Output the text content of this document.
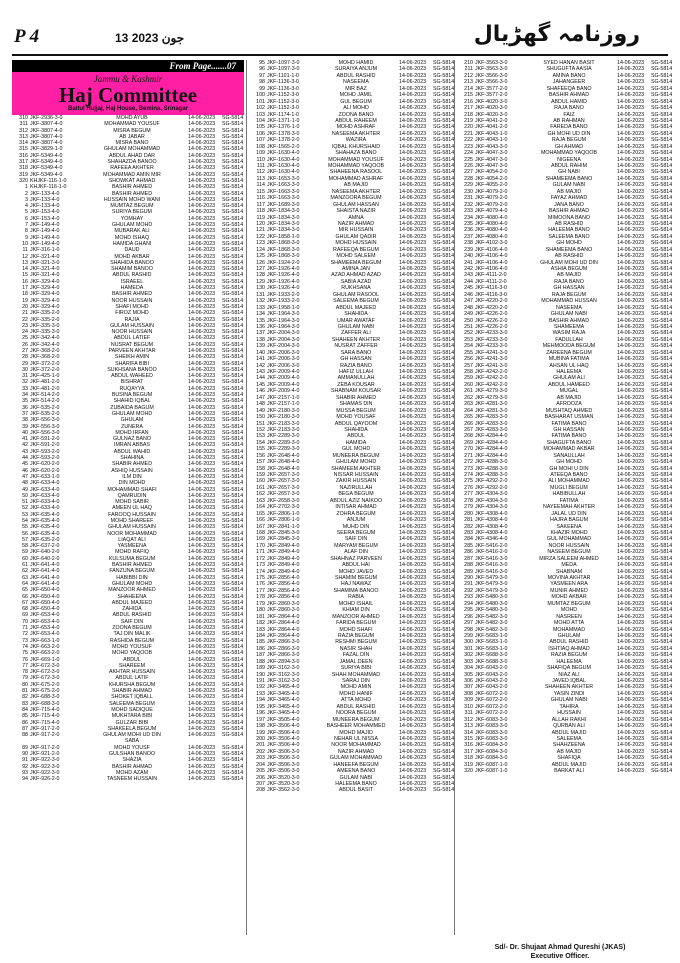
P 4	13 جون 2023	روزنامہ گھڑیال
From Page.......07
Jammu & Kashmir
Haj Committee
Baitul Hujjaj, Haj House, Bemina, Srinagar
310 JKF-2936-3-0	MOHD AYUB	14-06-2023	SG-5814
311 JKF-3807-4-0	MOHAMMAD YOUSUF	14-06-2023	SG-5814
312 JKF-3807-4-0	MISRA BEGUM	14-06-2023	SG-5814
313 JKF-3807-4-0	AB JABAR	14-06-2023	SG-5814
314 JKF-3807-4-0	MISRA BANO	14-06-2023	SG-5814
315 JKF-3829-1-0	GHULAM MOHAMMAD	14-06-2023	SG-5814
316 JKF-5349-4-0	ABDUL AHAD DAR	14-06-2023	SG-5814
317 JKF-5349-4-0	SHAHAZDA BANOO	14-06-2023	SG-5814
318 JKF-5349-4-0	RAFEEA AKHTER	14-06-2023	SG-5814
319 JKF-5349-4-0	MOHAMMAD AMIN MIR	14-06-2023	SG-5814
320 KHJKF-116-1-0	SHOWKAT AHMAD	14-06-2023	SG-5814
1 KHJKF-116-1-0	BASHIR AHMED	14-06-2023	SG-5814
2 JKF-133-4-0	BASHIR AHMED	14-06-2023	SG-5814
3 JKF-133-4-0	HUSSAIN MOHD WANI	14-06-2023	SG-5814
4 JKF-133-4-0	MUMTAZ BEGUM	14-06-2023	SG-5814
5 JKF-153-4-0	SURIYA BEGUM	14-06-2023	SG-5814
6 JKF-153-4-0	YOMHAY	14-06-2023	SG-5814
7 JKF-149-4-0	GHULAM MOHD	14-06-2023	SG-5814
8 JKF-149-4-0	MUBARAK ALI	14-06-2023	SG-5814
9 JKF-149-4-0	MOHD ISHAQ	14-06-2023	SG-5814
10 JKF-149-4-0	HAMIDA GHANI	14-06-2023	SG-5814
11 JKF-316-1-0	DAUD	14-06-2023	SG-5814
12 JKF-321-4-0	MOHD AKBAR	14-06-2023	SG-5814
13 JKF-321-3-0	SHAHIDA BANOO	14-06-2023	SG-5814
14 JKF-321-4-0	SHAMIM BANOO	14-06-2023	SG-5814
15 JKF-321-4-0	ABDUL RASHID	14-06-2023	SG-5814
16 JKF-329-4-0	ISRAEEL	14-06-2023	SG-5814
17 JKF-329-4-0	HAMEDA	14-06-2023	SG-5814
18 JKF-329-4-0	BASHIR AHMED	14-06-2023	SG-5814
19 JKF-329-4-0	NOOR HUSSAIN	14-06-2023	SG-5814
20 JKF-329-4-0	SHAFI MOHD	14-06-2023	SG-5814
21 JKF-335-2-0	FIROZ MOHD	14-06-2023	SG-5814
22 JKF-335-2-0	RAJIA	14-06-2023	SG-5814
23 JKF-335-3-0	GULAM HUSSAIN	14-06-2023	SG-5814
24 JKF-335-3-0	NOOR HUSSAIN	14-06-2023	SG-5814
25 JKF-342-4-0	ABDUL LATIEF	14-06-2023	SG-5814
26 JKF-342-4-0	NUSRAT BEGUM	14-06-2023	SG-5814
27 JKF-368-2-0	PARVEEN AKHTAR	14-06-2023	SG-5814
28 JKF-368-2-0	SHEIKH AMIN	14-06-2023	SG-5814
29 JKF-372-2-0	SHARIFA BIBI	14-06-2023	SG-5814
30 JKF-372-2-0	SUKHSANA BANOO	14-06-2023	SG-5814
31 JKF-425-1-0	ABDUL WAHEED	14-06-2023	SG-5814
32 JKF-481-2-0	BISHRAT	14-06-2023	SG-5814
33 JKF-481-2-0	RUQAYYA	14-06-2023	SG-5814
34 JKF-514-2-0	BUSINA BEGUM	14-06-2023	SG-5814
35 JKF-514-2-0	SHAHID IQBAL	14-06-2023	SG-5814
36 JKF-535-2-0	ZUBAIDA BAGUM	14-06-2023	SG-5814
37 JKF-535-2-0	GHULAM MOHD	14-06-2023	SG-5814
38 JKF-556-3-0	GHULAM	14-06-2023	SG-5814
39 JKF-556-3-0	ZUNERA	14-06-2023	SG-5814
40 JKF-556-3-0	MOHD IRFAN	14-06-2023	SG-5814
41 JKF-591-2-0	GULNAZ BANO	14-06-2023	SG-5814
42 JKF-591-2-0	IMRAN ABBAS	14-06-2023	SG-5814
43 JKF-593-2-0	ABDUL WAHID	14-06-2023	SG-5814
44 JKF-593-2-0	SHAHINA	14-06-2023	SG-5814
45 JKF-620-2-0	SHABIR AHMED	14-06-2023	SG-5814
46 JKF-620-2-0	ASHIQ HUSSAIN	14-06-2023	SG-5814
47 JKF-633-1-0	ILM DIN	14-06-2023	SG-5814
48 JKF-633-4-0	DIN MOHD	14-06-2023	SG-5814
49 JKF-633-4-0	MOHAMMAD SHAFI	14-06-2023	SG-5814
50 JKF-633-4-0	QAMRUDIN	14-06-2023	SG-5814
51 JKF-633-4-0	MOHD SABIR	14-06-2023	SG-5814
52 JKF-633-4-0	AMEEN UL HAQ	14-06-2023	SG-5814
53 JKF-635-4-0	FAROOQ HUSSAIN	14-06-2023	SG-5814
54 JKF-635-4-0	MOHD SHAREEF	14-06-2023	SG-5814
55 JKF-635-4-0	GHULAM HUSSAIN	14-06-2023	SG-5814
56 JKF-635-4-0	NOOR MOHAMMAD	14-06-2023	SG-5814
57 JKF-635-2-0	LIAQAT ALI	14-06-2023	SG-5814
58 JKF-637-2-0	YASMEENA	14-06-2023	SG-5814
59 JKF-640-2-0	MOHD RAFIQ	14-06-2023	SG-5814
60 JKF-640-2-0	KULSUMA BEGUM	14-06-2023	SG-5814
61 JKF-641-4-0	BASHIR AHMED	14-06-2023	SG-5814
62 JKF-641-4-0	FANZUNA BEGUM	14-06-2023	SG-5814
63 JKF-641-4-0	HABIBBI DIN	14-06-2023	SG-5814
64 JKF-641-4-0	GHULAM MOHD	14-06-2023	SG-5814
65 JKF-650-4-0	MANZOOR AHMED	14-06-2023	SG-5814
66 JKF-650-4-0	SHAHEENA	14-06-2023	SG-5814
67 JKF-650-4-0	ABDUL MAJEED	14-06-2023	SG-5814
68 JKF-650-4-0	ZAHIDA	14-06-2023	SG-5814
69 JKF-653-4-0	ABDUL RASHID	14-06-2023	SG-5814
70 JKF-653-4-0	SAIF DIN	14-06-2023	SG-5814
71 JKF-653-4-0	ZOONA BEGUM	14-06-2023	SG-5814
72 JKF-653-4-0	TAJ DIN MALIK	14-06-2023	SG-5814
73 JKF-663-1-0	RASHIDA BEGUM	14-06-2023	SG-5814
74 JKF-663-2-0	MOHD YOUSUF	14-06-2023	SG-5814
75 JKF-663-2-0	MOHD YAQOOB	14-06-2023	SG-5814
76 JKF-669-1-0	ABDUL	14-06-2023	SG-5814
77 JKF-672-3-0	SHAREEM	14-06-2023	SG-5814
78 JKF-672-3-0	AKHTAR HUSSAIN	14-06-2023	SG-5814
79 JKF-672-3-0	ABDUL LATIF	14-06-2023	SG-5814
80 JKF-675-2-0	KHURSHA BEGUM	14-06-2023	SG-5814
81 JKF-675-2-0	SHABIR AHMAD	14-06-2023	SG-5814
82 JKF-688-3-0	SHOKET IQBALL	14-06-2023	SG-5814
83 JKF-688-3-0	SALEEMA BEGUM	14-06-2023	SG-5814
84 JKF-715-4-0	MOHD SADIQUE	14-06-2023	SG-5814
85 JKF-715-4-0	MUKHTARA BIBI	14-06-2023	SG-5814
86 JKF-715-4-0	GULZAR BIBI	14-06-2023	SG-5814
87 JKF-917-2-0	SHAKEELA BEGUM	14-06-2023	SG-5814
88 JKF-917-2-0	GHULAM MOHI UD DIN	14-06-2023	SG-5814
SABA
89 JKF-917-2-0	MOHD YOUSF	14-06-2023	SG-5814
90 JKF-921-2-0	GULSHAN BANOO	14-06-2023	SG-5814
91 JKF-922-3-0	SHAZIA	14-06-2023	SG-5814
92 JKF-922-3-0	BASHIR AHMAD	14-06-2023	SG-5814
93 JKF-922-3-0	MOHD AZAM	14-06-2023	SG-5814
94 JKF-926-2-0	TASNEEM HUSSAIN	14-06-2023	SG-5814
95 JKF-1097-3-0	MOHD HAMID	14-06-2023	SG-5814
96 JKF-1097-3-0	SURAIYA ANJUM	14-06-2023	SG-5814
97 JKF-1101-1-0	ABDUL RASHID	14-06-2023	SG-5814
98 JKF-1136-3-0	NASEEMA	14-06-2023	SG-5814
99 JKF-1136-3-0	MIR BAZ	14-06-2023	SG-5814
100 JKF-1152-3-0	MOHD JAMIL	14-06-2023	SG-5814
101 JKF-1152-3-0	GUL BEGUM	14-06-2023	SG-5814
102 JKF-1152-3-0	ALI MOHD	14-06-2023	SG-5814
103 JKF-1174-1-0	ZOONA BANO	14-06-2023	SG-5814
104 JKF-1371-1-0	ABDUL RAHEEM	14-06-2023	SG-5814
105 JKF-1376-1-0	MOHD ASHRAF	14-06-2023	SG-5814
106 JKF-1378-3-0	NASEEMA AKHTER	14-06-2023	SG-5814
107 JKF-1378-2-0	WAZIRA	14-06-2023	SG-5814
108 JKF-1565-2-0	IQBAL KHURSHAID	14-06-2023	SG-5814
109 JKF-1630-4-0	SHAHAZA BANO	14-06-2023	SG-5814
110 JKF-1630-4-0	MOHAMMAD YOUSUF	14-06-2023	SG-5814
111 JKF-1630-4-0	MOHAMMAD YAQOOB	14-06-2023	SG-5814
112 JKF-1630-4-0	SHAHEENA RASOOL	14-06-2023	SG-5814
113 JKF-1653-3-0	MOHAMMAD ASHRAF	14-06-2023	SG-5814
114 JKF-1663-3-0	AB MAJID	14-06-2023	SG-5814
115 JKF-1663-3-0	NASEEMA AKHTER	14-06-2023	SG-5814
116 JKF-1663-3-0	MANZOORA BEGUM	14-06-2023	SG-5814
117 JKF-1689-3-0	GHULAM HASSAN	14-06-2023	SG-5814
118 JKF-1834-3-0	SHAISTA NAZIR	14-06-2023	SG-5814
119 JKF-1834-3-0	AMNA	14-06-2023	SG-5814
120 JKF-1834-3-0	NAZIR AHMAD	14-06-2023	SG-5814
121 JKF-1834-3-0	MIR HUSSAIN	14-06-2023	SG-5814
122 JKF-1858-1-0	GHULAM QADIR	14-06-2023	SG-5814
123 JKF-1868-3-0	MOHD HUSSAIN	14-06-2023	SG-5814
124 JKF-1868-3-0	RAFEEQA BEGUM	14-06-2023	SG-5814
125 JKF-1868-3-0	MOHD SALEEM	14-06-2023	SG-5814
126 JKF-1924-2-0	SHAMEEMA BEGUM	14-06-2023	SG-5814
127 JKF-1926-4-0	AMINA JAN	14-06-2023	SG-5814
128 JKF-1926-4-0	AZAD AHMAD AZAD	14-06-2023	SG-5814
129 JKF-1926-4-0	SABIA AZAD	14-06-2023	SG-5814
130 JKF-1926-4-0	RUKHSANA	14-06-2023	SG-5814
131 JKF-1933-2-0	GHULAM RASOOL	14-06-2023	SG-5814
132 JKF-1933-2-0	SALEEMA BEGUM	14-06-2023	SG-5814
133 JKF-1958-1-0	ABDUL MAJEED	14-06-2023	SG-5814
134 JKF-1964-3-0	SHAHIDA	14-06-2023	SG-5814
135 JKF-1964-3-0	UMAR AWATAF	14-06-2023	SG-5814
136 JKF-1964-3-0	GHULAM NABI	14-06-2023	SG-5814
137 JKF-2004-3-0	ZAFFER ALI	14-06-2023	SG-5814
138 JKF-2004-3-0	SHAHEEN AKHTER	14-06-2023	SG-5814
139 JKF-2004-3-0	NUSRAT ZAFFER	14-06-2023	SG-5814
140 JKF-2006-3-0	SARA BANO	14-06-2023	SG-5814
141 JKF-2006-3-0	GH HASSAN	14-06-2023	SG-5814
142 JKF-2006-3-0	RAZIA BANO	14-06-2023	SG-5814
143 JKF-2009-4-0	HAFIZ ULLAH	14-06-2023	SG-5814
144 JKF-2009-4-0	AMMANULLAH	14-06-2023	SG-5814
145 JKF-2009-4-0	ZEBA KOUSAR	14-06-2023	SG-5814
146 JKF-2009-4-0	SHABNAM KOUSAR	14-06-2023	SG-5814
147 JKF-2157-1-0	SHABIR AHMED	14-06-2023	SG-5814
148 JKF-2157-1-0	SHAMAS DIN	14-06-2023	SG-5814
149 JKF-2180-3-0	MUSSA BEGUM	14-06-2023	SG-5814
150 JKF-2180-3-0	MOHD YOUSAF	14-06-2023	SG-5814
151 JKF-2183-3-0	ABDUL QAYOOM	14-06-2023	SG-5814
152 JKF-2183-3-0	SHAHIDA	14-06-2023	SG-5814
153 JKF-2289-3-0	ABDUL	14-06-2023	SG-5814
154 JKF-2289-3-0	HAMIDA	14-06-2023	SG-5814
155 JKF-2289-3-0	GUL MOHD	14-06-2023	SG-5814
156 JKF-2648-4-0	MUNEERA BEGUM	14-06-2023	SG-5814
157 JKF-2648-4-0	GHULAM MOHD	14-06-2023	SG-5814
158 JKF-2648-4-0	SHAMEEM AKHTER	14-06-2023	SG-5814
159 JKF-2657-3-0	NISSAR HUSSAIN	14-06-2023	SG-5814
160 JKF-2657-3-0	ZAKIR HUSSAIN	14-06-2023	SG-5814
161 JKF-2657-3-0	NAZIRULLAH	14-06-2023	SG-5814
162 JKF-2657-3-0	BEGA BEGUM	14-06-2023	SG-5814
163 JKF-2658-3-0	ABDUL AZIZ NAIKOO	14-06-2023	SG-5814
164 JKF-2702-3-0	INTISAR AHMAD	14-06-2023	SG-5814
165 JKF-2806-1-0	ZOHRA BEGUM	14-06-2023	SG-5814
166 JKF-2806-1-0	ANJUM	14-06-2023	SG-5814
167 JKF-2841-1-0	MUHD DIN	14-06-2023	SG-5814
168 JKF-2845-3-0	SEERA BEGUM	14-06-2023	SG-5814
169 JKF-2845-3-0	SAIF DIN	14-06-2023	SG-5814
170 JKF-2849-4-0	MARYAM BEGUM	14-06-2023	SG-5814
171 JKF-2849-4-0	ALAF DIN	14-06-2023	SG-5814
172 JKF-2849-4-0	SHAHNAZ PARVEEN	14-06-2023	SG-5814
173 JKF-2849-4-0	ABDUL HAI	14-06-2023	SG-5814
174 JKF-2849-4-0	MOHD JAVED	14-06-2023	SG-5814
175 JKF-2856-4-0	SHAMIM BEGUM	14-06-2023	SG-5814
176 JKF-2856-4-0	HAJ NAWAZ	14-06-2023	SG-5814
177 JKF-2856-4-0	SHAMIMA BANOO	14-06-2023	SG-5814
178 JKF-2856-4-0	RABIA	14-06-2023	SG-5814
179 JKF-2860-3-0	MOHD ISHAIL	14-06-2023	SG-5814
180 JKF-2860-3-0	KHIAM DIN	14-06-2023	SG-5814
181 JKF-2864-4-0	MANZOOR AHMED	14-06-2023	SG-5814
182 JKF-2864-4-0	FARIDA BEGUM	14-06-2023	SG-5814
183 JKF-2864-4-0	MOHD SHAFI	14-06-2023	SG-5814
184 JKF-2864-4-0	RAZIA BEGUM	14-06-2023	SG-5814
185 JKF-2866-3-0	RESHMI BEGUM	14-06-2023	SG-5814
186 JKF-2866-3-0	NASIR SHAH	14-06-2023	SG-5814
187 JKF-2866-3-0	FAZAL DIN	14-06-2023	SG-5814
188 JKF-2894-3-0	JAMAL DEEN	14-06-2023	SG-5814
189 JKF-3162-3-0	SURIYA BIBI	14-06-2023	SG-5814
190 JKF-3162-3-0	SHAH MOHAMMAD	14-06-2023	SG-5814
191 JKF-3162-3-0	SARAJ DIN	14-06-2023	SG-5814
192 JKF-3465-4-0	MOHD AMIN	14-06-2023	SG-5814
193 JKF-3465-4-0	MOHD HANIF	14-06-2023	SG-5814
194 JKF-3465-4-0	ATTA MOHD	14-06-2023	SG-5814
195 JKF-3465-4-0	ABDUL RASHID	14-06-2023	SG-5814
196 JKF-3465-4-0	NOORA BEGUM	14-06-2023	SG-5814
197 JKF-3505-4-0	MUNEERA BEGUM	14-06-2023	SG-5814
198 JKF-3506-4-0	BASHEER MOHAMMED	14-06-2023	SG-5814
199 JKF-3506-4-0	MOHD MAJID	14-06-2023	SG-5814
200 JKF-3506-4-0	NEHAR UL NISSA	14-06-2023	SG-5814
201 JKF-3506-4-0	NOOR MOHAMMAD	14-06-2023	SG-5814
202 JKF-3506-3-0	NAZIR AHMAD	14-06-2023	SG-5814
203 JKF-3506-3-0	GULAM MOHAMMAD	14-06-2023	SG-5814
204 JKF-3506-3-0	HANEEFA BEGUM	14-06-2023	SG-5814
205 JKF-3506-3-0	AMEENA BANO	14-06-2023	SG-5814
206 JKF-3520-3-0	GULAM NABI	14-06-2023	SG-5814
207 JKF-3520-3-0	HALEEMA BANO	14-06-2023	SG-5814
208 JKF-3562-3-0	ABDUL BASIT	14-06-2023	SG-5814
210 JKF-3563-3-0	SYED HANAN BASIT	14-06-2023	SG-5814
211 JKF-3563-3-0	SHUGUFTA AASIA	14-06-2023	SG-5814
212 JKF-3566-3-0	AMINA BANO	14-06-2023	SG-5814
213 JKF-3566-3-0	JAHANGEER	14-06-2023	SG-5814
214 JKF-3577-2-0	SHAFEEQA BANO	14-06-2023	SG-5814
215 JKF-3577-2-0	BASHIR AHMAD	14-06-2023	SG-5814
216 JKF-4020-3-0	ABDUL HAMID	14-06-2023	SG-5814
217 JKF-4020-3-0	RAJA BANO	14-06-2023	SG-5814
218 JKF-4020-3-0	FAIZ	14-06-2023	SG-5814
219 JKF-4041-2-0	AB RAHMAN	14-06-2023	SG-5814
220 JKF-4041-2-0	FAREDA BANO	14-06-2023	SG-5814
221 JKF-4043-1-0	GH MOHI UD DIN	14-06-2023	SG-5814
222 JKF-4043-1-0	RAJA BEGUM	14-06-2023	SG-5814
223 JKF-4043-3-0	GH AHMAD	14-06-2023	SG-5814
224 JKF-4047-3-0	MOHAMMAD YAQOOB	14-06-2023	SG-5814
225 JKF-4047-3-0	NIGEENA	14-06-2023	SG-5814
226 JKF-4047-3-0	ABDUL RAHIM	14-06-2023	SG-5814
227 JKF-4054-2-0	GH NABI	14-06-2023	SG-5814
228 JKF-4054-2-0	SHAMEEMA BANO	14-06-2023	SG-5814
229 JKF-4055-2-0	GULAM NABI	14-06-2023	SG-5814
230 JKF-4079-2-0	AB MAJID	14-06-2023	SG-5814
231 JKF-4079-2-0	FAYAZ AHMAD	14-06-2023	SG-5814
232 JKF-4079-2-0	JANA BANO	14-06-2023	SG-5814
233 JKF-4079-4-0	BASHIR AHMAD	14-06-2023	SG-5814
234 JKF-4080-4-0	MIMOONA BANO	14-06-2023	SG-5814
235 JKF-4080-4-0	AB RASHID	14-06-2023	SG-5814
236 JKF-4080-4-0	HALEEMA BANO	14-06-2023	SG-5814
237 JKF-4080-4-0	SALEEMA BANO	14-06-2023	SG-5814
238 JKF-4102-3-0	GH MOHD	14-06-2023	SG-5814
239 JKF-4106-4-0	SHAMEEMA BANO	14-06-2023	SG-5814
240 JKF-4106-4-0	AB RASHID	14-06-2023	SG-5814
241 JKF-4106-4-0	GHULAM MOHI UD DIN	14-06-2023	SG-5814
242 JKF-4106-4-0	ASHIA BEGUM	14-06-2023	SG-5814
243 JKF-4111-2-0	AB MAJID	14-06-2023	SG-5814
244 JKF-4111-2-0	RAJA BANO	14-06-2023	SG-5814
245 JKF-4116-3-0	GH HASSAN	14-06-2023	SG-5814
246 JKF-4116-3-0	RAJA BEGUM	14-06-2023	SG-5814
247 JKF-4220-2-0	MOHAMMAD HUSSAN	14-06-2023	SG-5814
248 JKF-4220-2-0	NASEEMA	14-06-2023	SG-5814
249 JKF-4226-2-0	GHULAM NABI	14-06-2023	SG-5814
250 JKF-4226-2-0	BASHIR AHMAD	14-06-2023	SG-5814
251 JKF-4226-2-0	SHAMEEMA	14-06-2023	SG-5814
252 JKF-4233-3-0	WASIM RAJA	14-06-2023	SG-5814
253 JKF-4233-3-0	FADULLAH	14-06-2023	SG-5814
254 JKF-4233-3-0	MEHMOODA BEGUM	14-06-2023	SG-5814
255 JKF-4241-3-0	ZAREENA BEGUM	14-06-2023	SG-5814
256 JKF-4241-3-0	MUBINA FATIMA	14-06-2023	SG-5814
257 JKF-4241-3-0	AHSAN UL HAQ	14-06-2023	SG-5814
258 JKF-4242-2-0	HALEEMA	14-06-2023	SG-5814
259 JKF-4242-2-0	GHULAM ALI	14-06-2023	SG-5814
260 JKF-4242-2-0	ABDUL HAMEED	14-06-2023	SG-5814
261 JKF-4279-3-0	MUGAL	14-06-2023	SG-5814
262 JKF-4279-3-0	AB MAJID	14-06-2023	SG-5814
263 JKF-4281-3-0	AFROOZA	14-06-2023	SG-5814
264 JKF-4281-3-0	MUSHTAQ AHMED	14-06-2023	SG-5814
265 JKF-4283-3-0	BASHARAT USMAN	14-06-2023	SG-5814
266 JKF-4283-3-0	FATIMA BANO	14-06-2023	SG-5814
267 JKF-4283-3-0	GH HASSAN	14-06-2023	SG-5814
268 JKF-4284-4-0	FATIMA BANO	14-06-2023	SG-5814
269 JKF-4284-4-0	SHAGUFTA BANO	14-06-2023	SG-5814
270 JKF-4284-4-0	MOHAMMAD AKBAR	14-06-2023	SG-5814
271 JKF-4284-4-0	SANAULLAH	14-06-2023	SG-5814
272 JKF-4288-3-0	GH MOHD	14-06-2023	SG-5814
273 JKF-4288-3-0	GH MOHI U DIN	14-06-2023	SG-5814
274 JKF-4288-3-0	ATEEQA BANO	14-06-2023	SG-5814
275 JKF-4292-2-0	ALI MOHAMMAD	14-06-2023	SG-5814
276 JKF-4292-2-0	MUGLI BEGUM	14-06-2023	SG-5814
277 JKF-4304-3-0	HABIBULLAH	14-06-2023	SG-5814
278 JKF-4304-3-0	FATIMA	14-06-2023	SG-5814
279 JKF-4304-3-0	NAYEEMAH AKHTER	14-06-2023	SG-5814
280 JKF-4308-4-0	JALAL UD DIN	14-06-2023	SG-5814
281 JKF-4308-4-0	HAJRA BAGUM	14-06-2023	SG-5814
282 JKF-4308-4-0	SAKEENA	14-06-2023	SG-5814
283 JKF-4308-4-0	KHAZIR MOHD	14-06-2023	SG-5814
284 JKF-4346-4-0	GUL MOHAMMAD	14-06-2023	SG-5814
285 JKF-5416-2-0	NOOR HUSSAIN	14-06-2023	SG-5814
286 JKF-5416-2-0	NASEEM BEGUM	14-06-2023	SG-5814
287 JKF-5416-3-0	MIRZA SALEEM AHMED	14-06-2023	SG-5814
288 JKF-5416-3-0	MEDA	14-06-2023	SG-5814
289 JKF-5416-3-0	SHABNAM	14-06-2023	SG-5814
290 JKF-5479-3-0	MOVINA AKHTAR	14-06-2023	SG-5814
291 JKF-5479-3-0	YASMEEN ARA	14-06-2023	SG-5814
292 JKF-5479-3-0	MUNIR AHMED	14-06-2023	SG-5814
293 JKF-5480-3-0	MOHD AKBAR	14-06-2023	SG-5814
294 JKF-5480-3-0	MUMTAZ BEGUM	14-06-2023	SG-5814
295 JKF-5480-3-0	MOHD	14-06-2023	SG-5814
296 JKF-5482-3-0	NASREEN	14-06-2023	SG-5814
297 JKF-5482-3-0	MOHD ATTA	14-06-2023	SG-5814
298 JKF-5482-3-0	MOHAMMAD	14-06-2023	SG-5814
299 JKF-5683-1-0	GHULAM	14-06-2023	SG-5814
300 JKF-5683-1-0	ABDUL RASHID	14-06-2023	SG-5814
301 JKF-5683-1-0	ISHTIAQ AHMAD	14-06-2023	SG-5814
302 JKF-5688-3-0	RAZIA BEGUM	14-06-2023	SG-5814
303 JKF-5688-3-0	HALEEMA	14-06-2023	SG-5814
304 JKF-6043-2-0	SHAFIQA BEGUM	14-06-2023	SG-5814
305 JKF-6043-2-0	NIAZ ALI	14-06-2023	SG-5814
306 JKF-6043-2-0	JAVED IQBAL	14-06-2023	SG-5814
307 JKF-6043-2-0	SHAHEEN AKHTER	14-06-2023	SG-5814
308 JKF-6072-2-0	YASIN ZINDI	14-06-2023	SG-5814
309 JKF-6072-2-0	GHULAM NABI	14-06-2023	SG-5814
310 JKF-6072-2-0	TAHIRA	14-06-2023	SG-5814
311 JKF-6072-2-0	HUSSAIN	14-06-2023	SG-5814
312 JKF-6083-3-0	ALLAH RAKHI	14-06-2023	SG-5814
313 JKF-6083-3-0	QURBAN ALI	14-06-2023	SG-5814
314 JKF-6083-3-0	ABDUL MAJID	14-06-2023	SG-5814
315 JKF-6083-3-0	SALEEMA	14-06-2023	SG-5814
316 JKF-6084-3-0	SHAHZEENA	14-06-2023	SG-5814
317 JKF-6084-3-0	AB MAJID	14-06-2023	SG-5814
318 JKF-6084-3-0	SHAFIQA	14-06-2023	SG-5814
319 JKF-6087-1-0	ABDUL MAJID	14-06-2023	SG-5814
320 JKF-6087-1-0	BARKAT ALI	14-06-2023	SG-5814
Sd/- Dr. Shujaat Ahmad Qureshi (JKAS)
Executive Officer.
